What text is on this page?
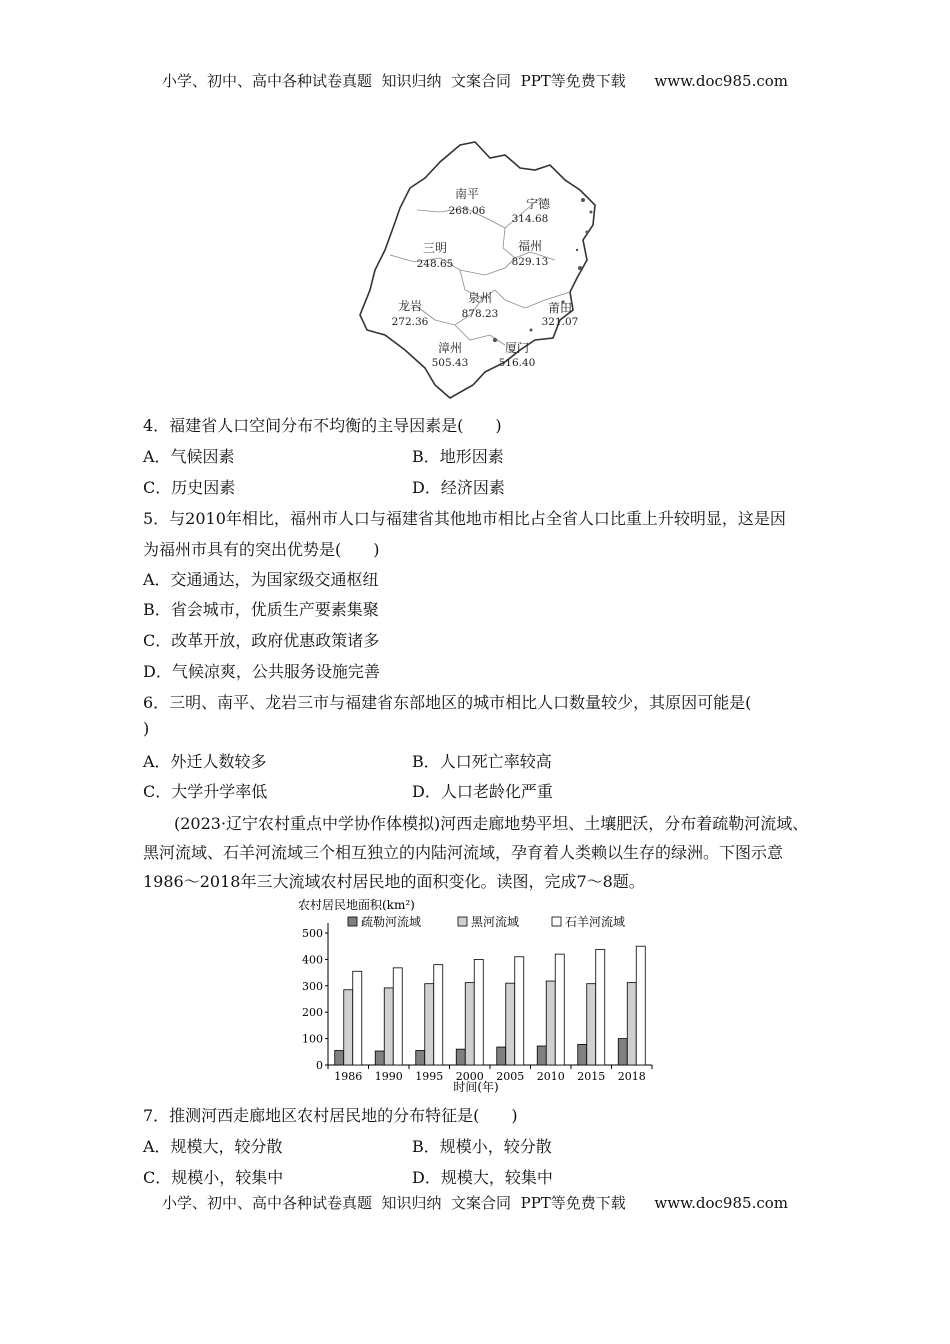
小学、初中、高中各种试卷真题  知识归纳  文案合同  PPT等免费下载      www.doc985.com
南平
268.06	宁德
314.68
三明
248.65
福州
829.13
龙岩
272.36
泉州
878.23	莆田
321.07
漳州
505.43
厦门
516.40
4．福建省人口空间分布不均衡的主导因素是(　　)
A．气候因素	B．地形因素
C．历史因素	D．经济因素
5．与2010年相比，福州市人口与福建省其他地市相比占全省人口比重上升较明显，这是因
为福州市具有的突出优势是(　　)
A．交通通达，为国家级交通枢纽
B．省会城市，优质生产要素集聚
C．改革开放，政府优惠政策诸多
D．气候凉爽，公共服务设施完善
6．三明、南平、龙岩三市与福建省东部地区的城市相比人口数量较少，其原因可能是(
)
A．外迁人数较多	B．人口死亡率较高
C．大学升学率低	D．人口老龄化严重
(2023·辽宁农村重点中学协作体模拟)河西走廊地势平坦、土壤肥沃，分布着疏勒河流域、
黑河流域、石羊河流域三个相互独立的内陆河流域，孕育着人类赖以生存的绿洲。下图示意
1986～2018年三大流域农村居民地的面积变化。读图，完成7～8题。
农村居民地面积(km²)
疏勒河流域	黑河流域	石羊河流域
0
100
200
300
400
500
1986 1990 1995 2000 2005 2010 2015 2018
时间(年)
7．推测河西走廊地区农村居民地的分布特征是(　　)
A．规模大，较分散	B．规模小，较分散
C．规模小，较集中	D．规模大，较集中
小学、初中、高中各种试卷真题  知识归纳  文案合同  PPT等免费下载      www.doc985.com
